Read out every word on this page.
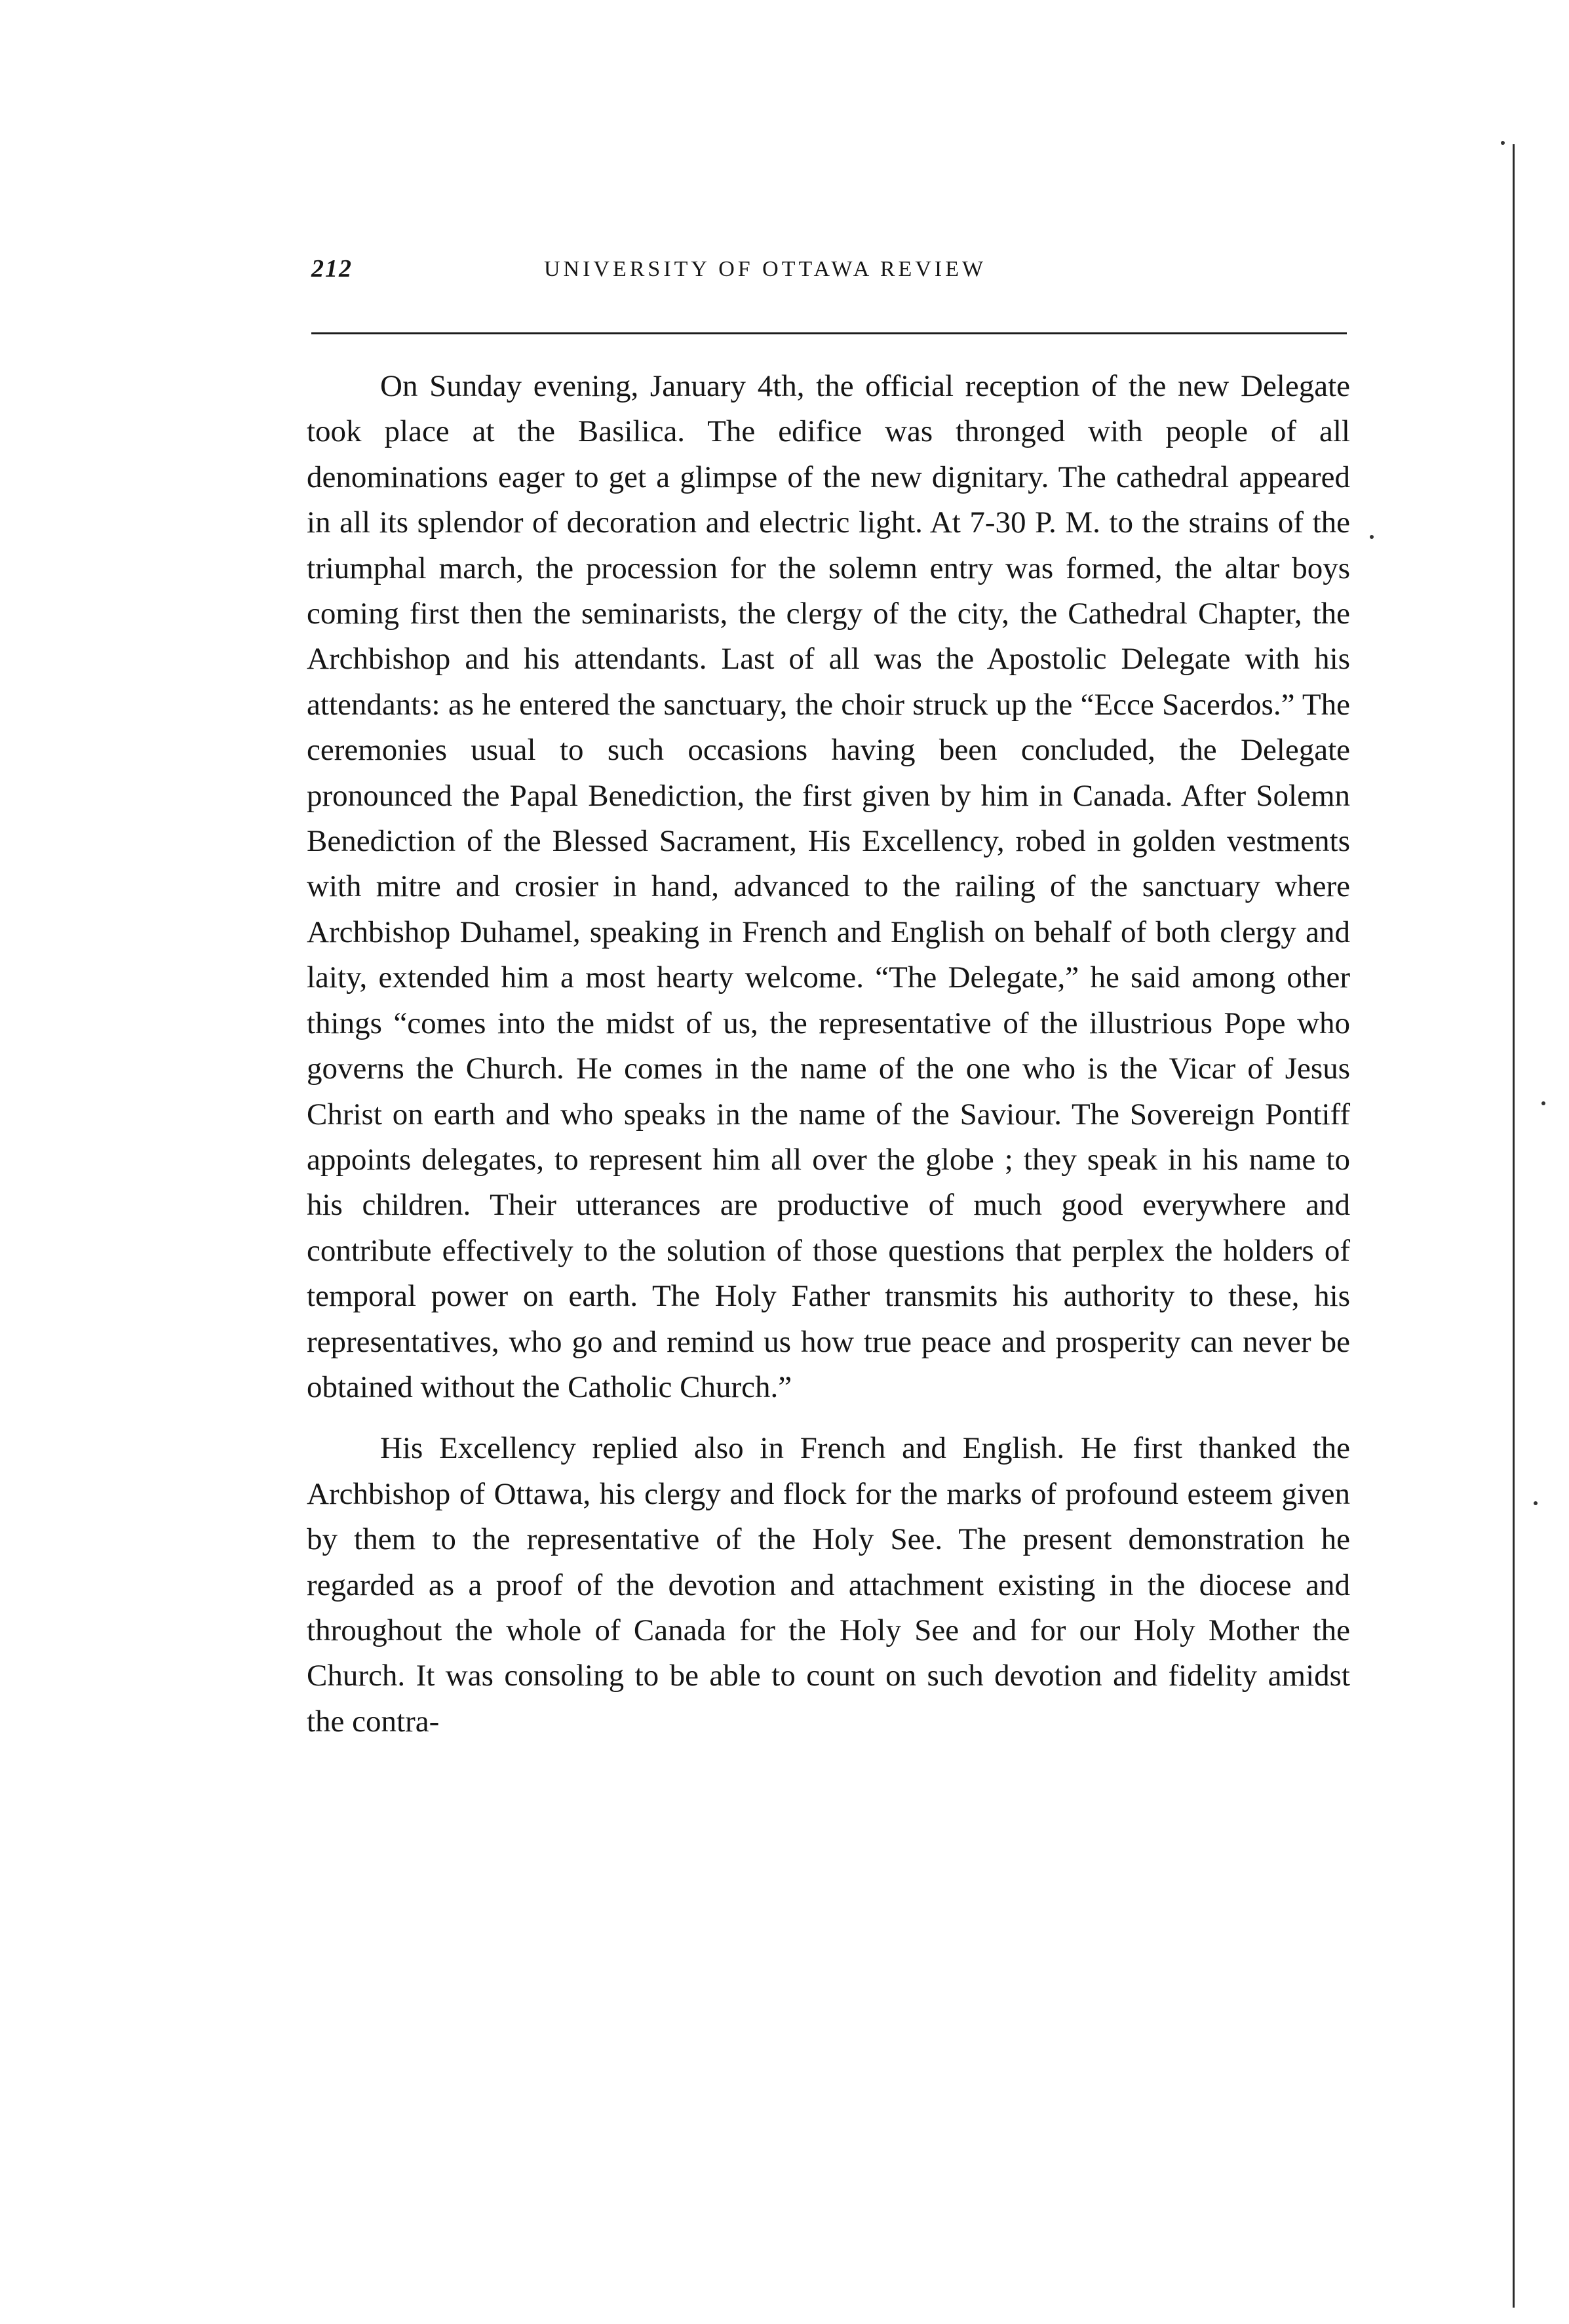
212	UNIVERSITY OF OTTAWA REVIEW

On Sunday evening, January 4th, the official reception of the new Delegate took place at the Basilica. The edifice was thronged with people of all denominations eager to get a glimpse of the new dignitary. The cathedral appeared in all its splendor of decoration and electric light. At 7-30 P. M. to the strains of the triumphal march, the procession for the solemn entry was formed, the altar boys coming first then the seminarists, the clergy of the city, the Cathedral Chapter, the Archbishop and his attendants. Last of all was the Apostolic Delegate with his attendants: as he entered the sanctuary, the choir struck up the “Ecce Sacerdos.” The ceremonies usual to such occasions having been concluded, the Delegate pronounced the Papal Benediction, the first given by him in Canada. After Solemn Benediction of the Blessed Sacrament, His Excellency, robed in golden vestments with mitre and crosier in hand, advanced to the railing of the sanctuary where Archbishop Duhamel, speaking in French and English on behalf of both clergy and laity, extended him a most hearty welcome. “The Delegate,” he said among other things “comes into the midst of us, the representative of the illustrious Pope who governs the Church. He comes in the name of the one who is the Vicar of Jesus Christ on earth and who speaks in the name of the Saviour. The Sovereign Pontiff appoints delegates, to represent him all over the globe ; they speak in his name to his children. Their utterances are productive of much good everywhere and contribute effectively to the solution of those questions that perplex the holders of temporal power on earth. The Holy Father transmits his authority to these, his representatives, who go and remind us how true peace and prosperity can never be obtained without the Catholic Church.”

His Excellency replied also in French and English. He first thanked the Archbishop of Ottawa, his clergy and flock for the marks of profound esteem given by them to the representative of the Holy See. The present demonstration he regarded as a proof of the devotion and attachment existing in the diocese and throughout the whole of Canada for the Holy See and for our Holy Mother the Church. It was consoling to be able to count on such devotion and fidelity amidst the contra-
